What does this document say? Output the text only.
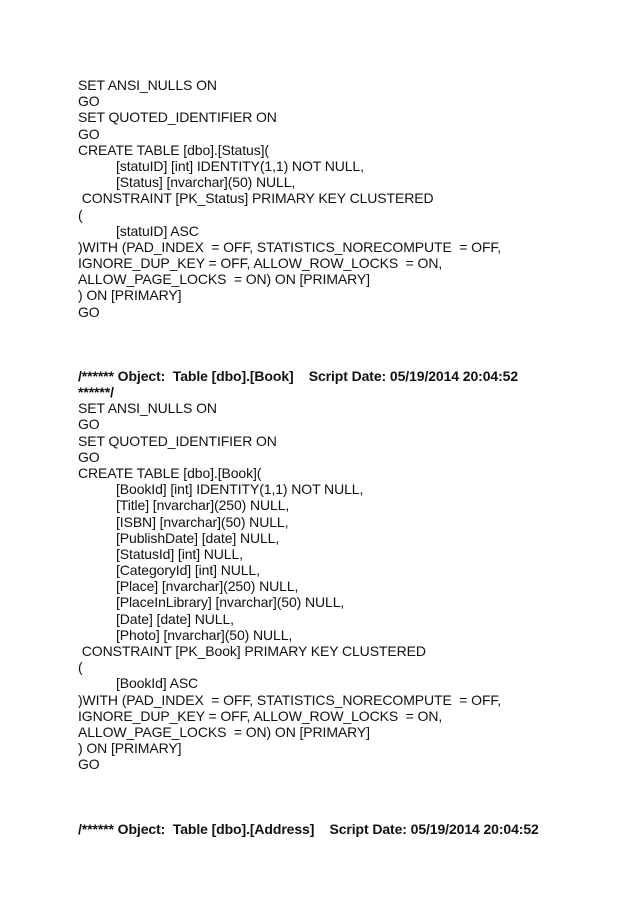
SET ANSI_NULLS ON
GO
SET QUOTED_IDENTIFIER ON
GO
CREATE TABLE [dbo].[Status](
[statuID] [int] IDENTITY(1,1) NOT NULL,
[Status] [nvarchar](50) NULL,
CONSTRAINT [PK_Status] PRIMARY KEY CLUSTERED
(
[statuID] ASC
)WITH (PAD_INDEX  = OFF, STATISTICS_NORECOMPUTE  = OFF,
IGNORE_DUP_KEY = OFF, ALLOW_ROW_LOCKS  = ON,
ALLOW_PAGE_LOCKS  = ON) ON [PRIMARY]
) ON [PRIMARY]
GO
/****** Object:  Table [dbo].[Book]    Script Date: 05/19/2014 20:04:52
******/
SET ANSI_NULLS ON
GO
SET QUOTED_IDENTIFIER ON
GO
CREATE TABLE [dbo].[Book](
[BookId] [int] IDENTITY(1,1) NOT NULL,
[Title] [nvarchar](250) NULL,
[ISBN] [nvarchar](50) NULL,
[PublishDate] [date] NULL,
[StatusId] [int] NULL,
[CategoryId] [int] NULL,
[Place] [nvarchar](250) NULL,
[PlaceInLibrary] [nvarchar](50) NULL,
[Date] [date] NULL,
[Photo] [nvarchar](50) NULL,
CONSTRAINT [PK_Book] PRIMARY KEY CLUSTERED
(
[BookId] ASC
)WITH (PAD_INDEX  = OFF, STATISTICS_NORECOMPUTE  = OFF,
IGNORE_DUP_KEY = OFF, ALLOW_ROW_LOCKS  = ON,
ALLOW_PAGE_LOCKS  = ON) ON [PRIMARY]
) ON [PRIMARY]
GO
/****** Object:  Table [dbo].[Address]    Script Date: 05/19/2014 20:04:52
